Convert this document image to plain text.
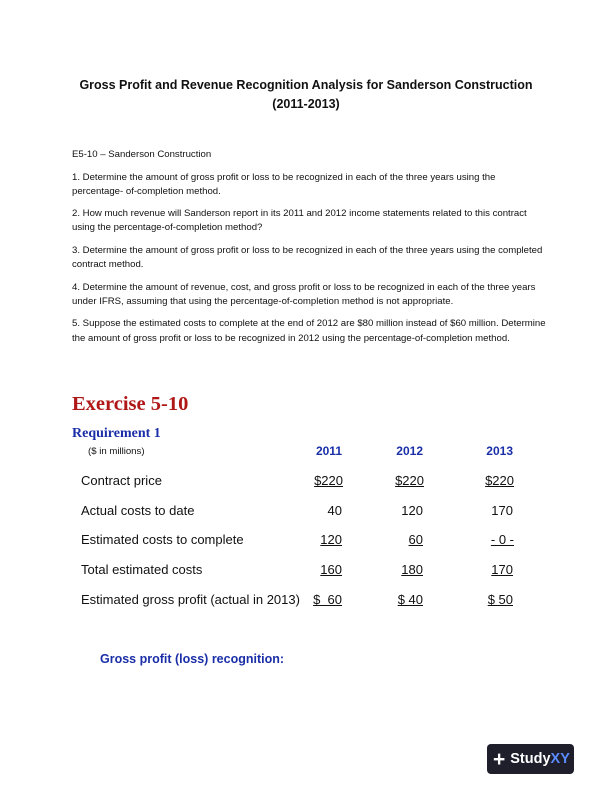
Gross Profit and Revenue Recognition Analysis for Sanderson Construction
(2011-2013)

E5-10 – Sanderson Construction

1. Determine the amount of gross profit or loss to be recognized in each of the three years using the percentage- of-completion method.

2. How much revenue will Sanderson report in its 2011 and 2012 income statements related to this contract using the percentage-of-completion method?

3. Determine the amount of gross profit or loss to be recognized in each of the three years using the completed contract method.

4. Determine the amount of revenue, cost, and gross profit or loss to be recognized in each of the three years under IFRS, assuming that using the percentage-of-completion method is not appropriate.

5. Suppose the estimated costs to complete at the end of 2012 are $80 million instead of $60 million. Determine the amount of gross profit or loss to be recognized in 2012 using the percentage-of-completion method.

Exercise 5-10
Requirement 1
($ in millions)	2011	2012	2013
Contract price	$220	$220	$220
Actual costs to date	40	120	170
Estimated costs to complete	120	60	- 0 -
Total estimated costs	160	180	170
Estimated gross profit (actual in 2013)	$  60	$ 40	$ 50
Gross profit (loss) recognition:
+ StudyXY
